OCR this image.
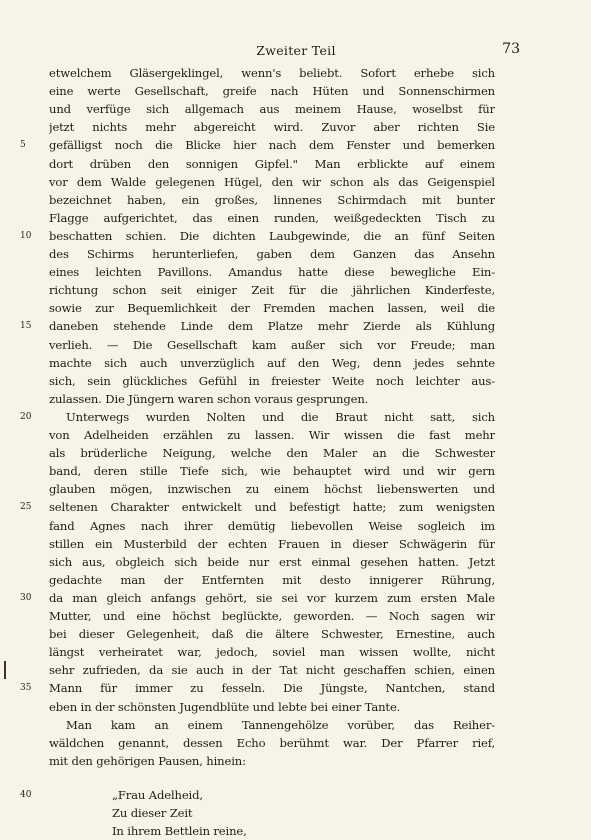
Zweiter Teil	73
etwelchem Gläsergeklingel, wenn's beliebt. Sofort erhebe sich
eine werte Gesellschaft, greife nach Hüten und Sonnenschirmen
und verfüge sich allgemach aus meinem Hause, woselbst für
jetzt nichts mehr abgereicht wird. Zuvor aber richten Sie
5	gefälligst noch die Blicke hier nach dem Fenster und bemerken
dort drüben den sonnigen Gipfel." Man erblickte auf einem
vor dem Walde gelegenen Hügel, den wir schon als das Geigenspiel
bezeichnet haben, ein großes, linnenes Schirmdach mit bunter
Flagge aufgerichtet, das einen runden, weißgedeckten Tisch zu
10	beschatten schien. Die dichten Laubgewinde, die an fünf Seiten
des Schirms herunterliefen, gaben dem Ganzen das Ansehn
eines leichten Pavillons. Amandus hatte diese bewegliche Ein-
richtung schon seit einiger Zeit für die jährlichen Kinderfeste,
sowie zur Bequemlichkeit der Fremden machen lassen, weil die
15	daneben stehende Linde dem Platze mehr Zierde als Kühlung
verlieh. — Die Gesellschaft kam außer sich vor Freude; man
machte sich auch unverzüglich auf den Weg, denn jedes sehnte
sich, sein glückliches Gefühl in freiester Weite noch leichter aus-
zulassen. Die Jüngern waren schon voraus gesprungen.
20	Unterwegs wurden Nolten und die Braut nicht satt, sich
von Adelheiden erzählen zu lassen. Wir wissen die fast mehr
als brüderliche Neigung, welche den Maler an die Schwester
band, deren stille Tiefe sich, wie behauptet wird und wir gern
glauben mögen, inzwischen zu einem höchst liebenswerten und
25	seltenen Charakter entwickelt und befestigt hatte; zum wenigsten
fand Agnes nach ihrer demütig liebevollen Weise sogleich im
stillen ein Musterbild der echten Frauen in dieser Schwägerin für
sich aus, obgleich sich beide nur erst einmal gesehen hatten. Jetzt
gedachte man der Entfernten mit desto innigerer Rührung,
30	da man gleich anfangs gehört, sie sei vor kurzem zum ersten Male
Mutter, und eine höchst beglückte, geworden. — Noch sagen wir
bei dieser Gelegenheit, daß die ältere Schwester, Ernestine, auch
längst verheiratet war, jedoch, soviel man wissen wollte, nicht
sehr zufrieden, da sie auch in der Tat nicht geschaffen schien, einen
Mann für immer zu fesseln. Die Jüngste, Nantchen, stand
eben in der schönsten Jugendblüte und lebte bei einer Tante.
Man kam an einem Tannengehölze vorüber, das Reiher-
wäldchen genannt, dessen Echo berühmt war. Der Pfarrer rief,
mit den gehörigen Pausen, hinein:
„Frau Adelheid,
Zu dieser Zeit
In ihrem Bettlein reine,
35
40
